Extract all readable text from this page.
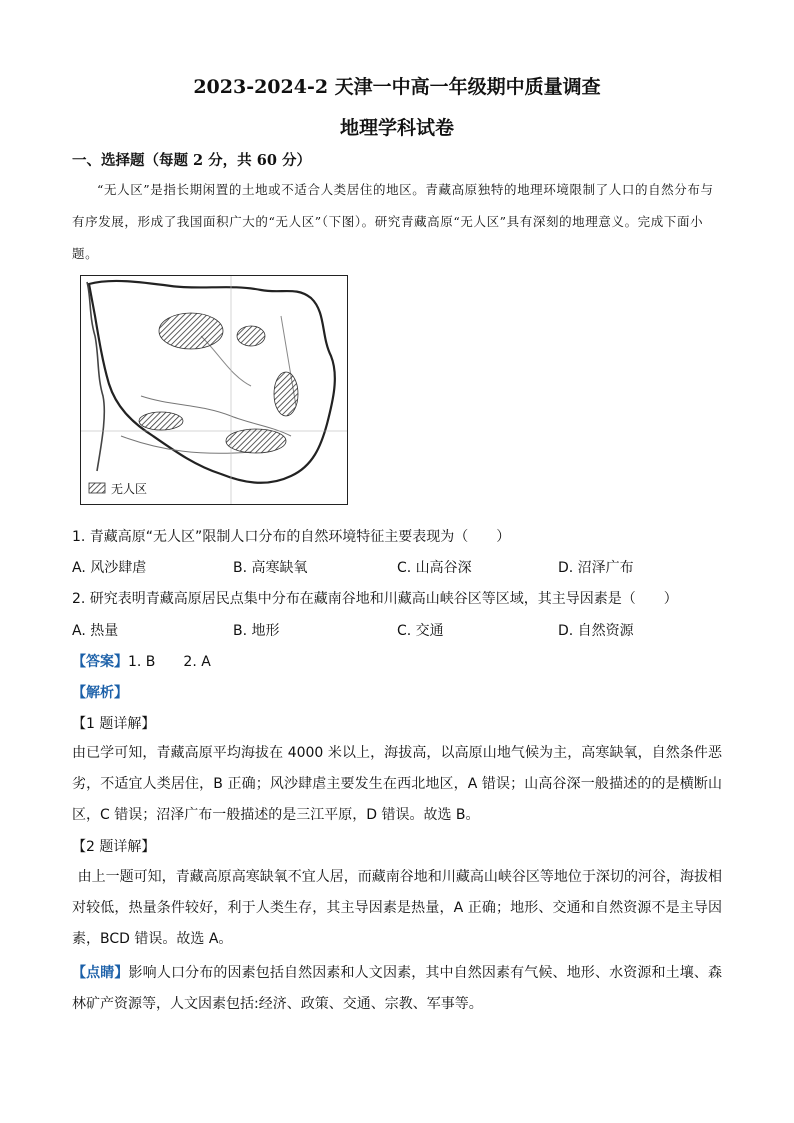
2023-2024-2 天津一中高一年级期中质量调查
地理学科试卷
一、选择题（每题 2 分，共 60 分）
“无人区”是指长期闲置的土地或不适合人类居住的地区。青藏高原独特的地理环境限制了人口的自然分布与有序发展，形成了我国面积广大的“无人区”（下图）。研究青藏高原“无人区”具有深刻的地理意义。完成下面小题。
无人区
1. 青藏高原“无人区”限制人口分布的自然环境特征主要表现为（　　）
A. 风沙肆虐	B. 高寒缺氧	C. 山高谷深	D. 沼泽广布
2. 研究表明青藏高原居民点集中分布在藏南谷地和川藏高山峡谷区等区域，其主导因素是（　　）
A. 热量	B. 地形	C. 交通	D. 自然资源
【答案】1. B　　2. A
【解析】
【1 题详解】
由已学可知，青藏高原平均海拔在 4000 米以上，海拔高，以高原山地气候为主，高寒缺氧，自然条件恶劣，不适宜人类居住，B 正确；风沙肆虐主要发生在西北地区，A 错误；山高谷深一般描述的的是横断山区，C 错误；沼泽广布一般描述的是三江平原，D 错误。故选 B。
【2 题详解】
由上一题可知，青藏高原高寒缺氧不宜人居，而藏南谷地和川藏高山峡谷区等地位于深切的河谷，海拔相对较低，热量条件较好，利于人类生存，其主导因素是热量，A 正确；地形、交通和自然资源不是主导因素，BCD 错误。故选 A。
【点睛】影响人口分布的因素包括自然因素和人文因素，其中自然因素有气候、地形、水资源和土壤、森林矿产资源等，人文因素包括:经济、政策、交通、宗教、军事等。
